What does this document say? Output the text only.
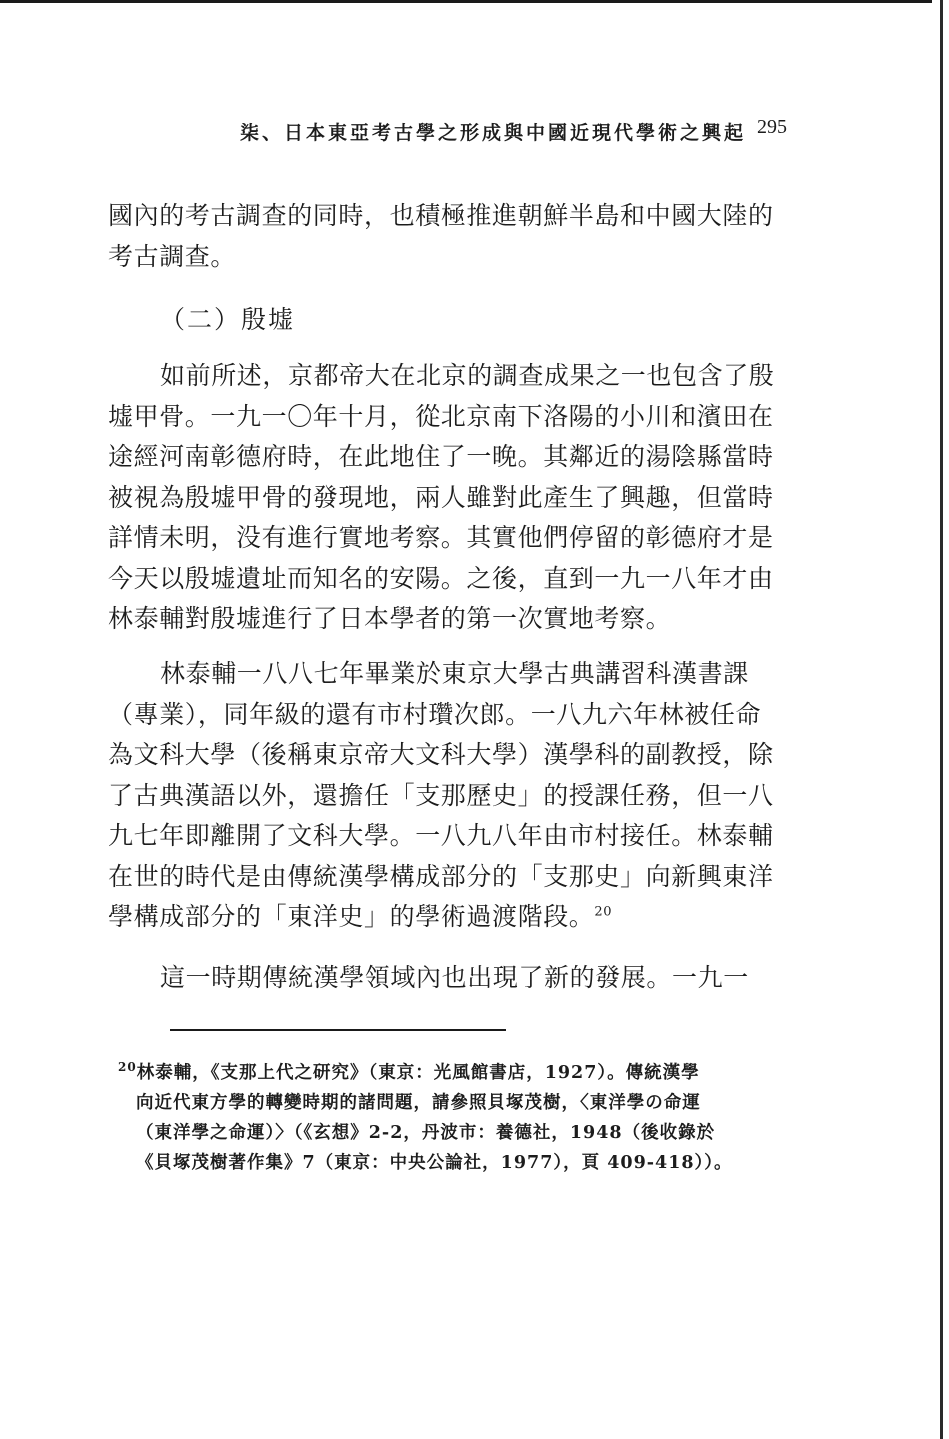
柒、日本東亞考古學之形成與中國近現代學術之興起 295

國內的考古調查的同時，也積極推進朝鮮半島和中國大陸的

考古調查。

（二）殷墟

如前所述，京都帝大在北京的調查成果之一也包含了殷

墟甲骨。一九一〇年十月，從北京南下洛陽的小川和濱田在

途經河南彰德府時，在此地住了一晚。其鄰近的湯陰縣當時

被視為殷墟甲骨的發現地，兩人雖對此產生了興趣，但當時

詳情未明，没有進行實地考察。其實他們停留的彰德府才是

今天以殷墟遺址而知名的安陽。之後，直到一九一八年才由

林泰輔對殷墟進行了日本學者的第一次實地考察。

林泰輔一八八七年畢業於東京大學古典講習科漢書課

（專業），同年級的還有市村瓚次郎。一八九六年林被任命

為文科大學（後稱東京帝大文科大學）漢學科的副教授，除

了古典漢語以外，還擔任「支那歷史」的授課任務，但一八

九七年即離開了文科大學。一八九八年由市村接任。林泰輔

在世的時代是由傳統漢學構成部分的「支那史」向新興東洋

學構成部分的「東洋史」的學術過渡階段。$^{20}$

這一時期傳統漢學領域內也出現了新的發展。一九一

$^{20}$林泰輔，《支那上代之研究》（東京：光風館書店，1927）。傳統漢學

向近代東方學的轉變時期的諸問題，請參照貝塚茂樹，〈東洋學の命運

（東洋學之命運）〉（《玄想》2-2，丹波市：養德社，1948（後收錄於

《貝塚茂樹著作集》7（東京：中央公論社，1977），頁 409-418））。
